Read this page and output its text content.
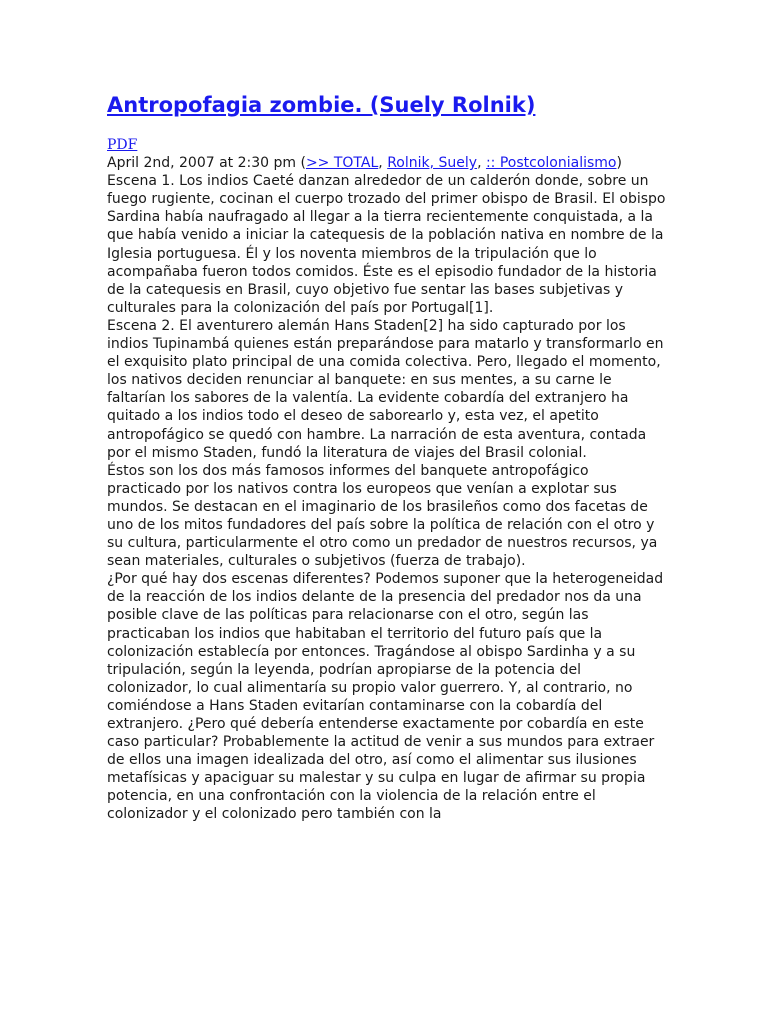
Antropofagia zombie. (Suely Rolnik)
PDF
April 2nd, 2007 at 2:30 pm (>> TOTAL, Rolnik, Suely, :: Postcolonialismo)

Escena 1. Los indios Caeté danzan alrededor de un calderón donde, sobre un fuego rugiente, cocinan el cuerpo trozado del primer obispo de Brasil. El obispo Sardina había naufragado al llegar a la tierra recientemente conquistada, a la que había venido a iniciar la catequesis de la población nativa en nombre de la Iglesia portuguesa. Él y los noventa miembros de la tripulación que lo acompañaba fueron todos comidos. Éste es el episodio fundador de la historia de la catequesis en Brasil, cuyo objetivo fue sentar las bases subjetivas y culturales para la colonización del país por Portugal[1].

Escena 2. El aventurero alemán Hans Staden[2] ha sido capturado por los indios Tupinambá quienes están preparándose para matarlo y transformarlo en el exquisito plato principal de una comida colectiva. Pero, llegado el momento, los nativos deciden renunciar al banquete: en sus mentes, a su carne le faltarían los sabores de la valentía. La evidente cobardía del extranjero ha quitado a los indios todo el deseo de saborearlo y, esta vez, el apetito antropofágico se quedó con hambre. La narración de esta aventura, contada por el mismo Staden, fundó la literatura de viajes del Brasil colonial.

Éstos son los dos más famosos informes del banquete antropofágico practicado por los nativos contra los europeos que venían a explotar sus mundos. Se destacan en el imaginario de los brasileños como dos facetas de uno de los mitos fundadores del país sobre la política de relación con el otro y su cultura, particularmente el otro como un predador de nuestros recursos, ya sean materiales, culturales o subjetivos (fuerza de trabajo).

¿Por qué hay dos escenas diferentes? Podemos suponer que la heterogeneidad de la reacción de los indios delante de la presencia del predador nos da una posible clave de las políticas para relacionarse con el otro, según las practicaban los indios que habitaban el territorio del futuro país que la colonización establecía por entonces. Tragándose al obispo Sardinha y a su tripulación, según la leyenda, podrían apropiarse de la potencia del colonizador, lo cual alimentaría su propio valor guerrero. Y, al contrario, no comiéndose a Hans Staden evitarían contaminarse con la cobardía del extranjero. ¿Pero qué debería entenderse exactamente por cobardía en este caso particular? Probablemente la actitud de venir a sus mundos para extraer de ellos una imagen idealizada del otro, así como el alimentar sus ilusiones metafísicas y apaciguar su malestar y su culpa en lugar de afirmar su propia potencia, en una confrontación con la violencia de la relación entre el colonizador y el colonizado pero también con la
